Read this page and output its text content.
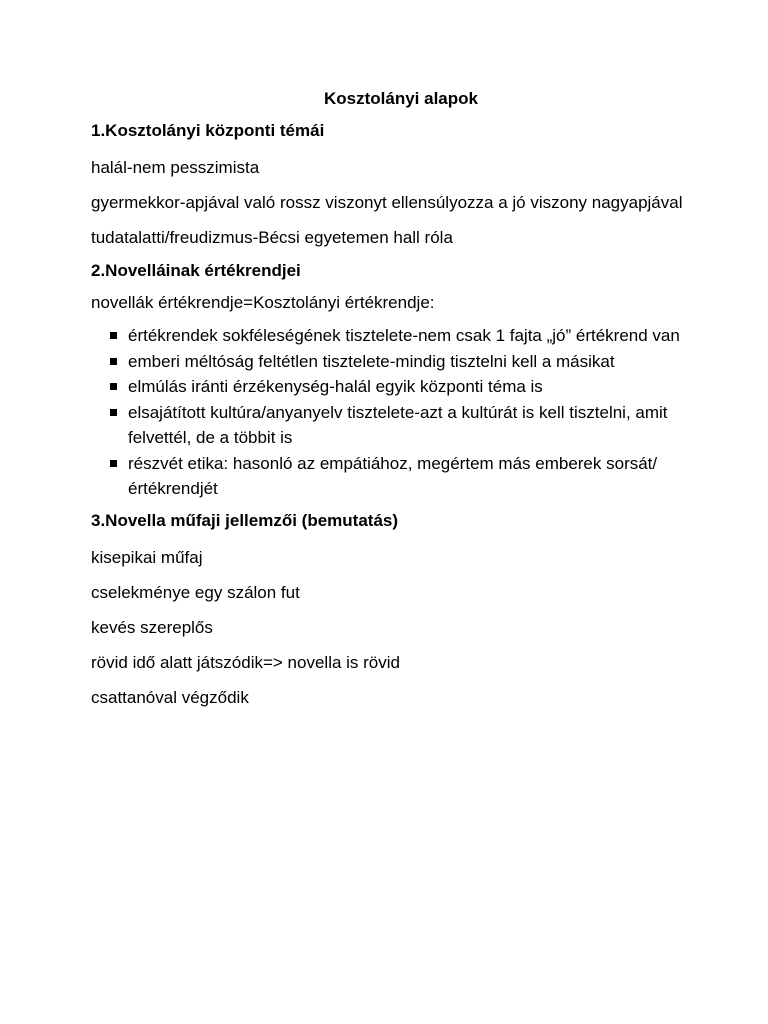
Kosztolányi alapok
1.Kosztolányi központi témái
halál-nem pesszimista
gyermekkor-apjával való rossz viszonyt ellensúlyozza a jó viszony nagyapjával
tudatalatti/freudizmus-Bécsi egyetemen hall róla
2.Novelláinak értékrendjei
novellák értékrendje=Kosztolányi értékrendje:
értékrendek sokféleségének tisztelete-nem csak 1 fajta „jó” értékrend van
emberi méltóság feltétlen tisztelete-mindig tisztelni kell a másikat
elmúlás iránti érzékenység-halál egyik központi téma is
elsajátított kultúra/anyanyelv tisztelete-azt a kultúrát is kell tisztelni, amit felvettél, de a többit is
részvét etika: hasonló az empátiához, megértem más emberek sorsát/értékrendjét
3.Novella műfaji jellemzői (bemutatás)
kisepikai műfaj
cselekménye egy szálon fut
kevés szereplős
rövid idő alatt játszódik=> novella is rövid
csattanóval végződik
